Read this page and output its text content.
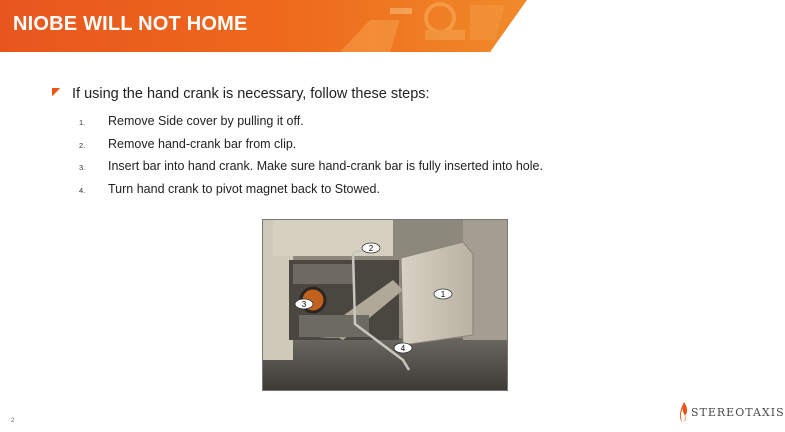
NIOBE WILL NOT HOME
If using the hand crank is necessary, follow these steps:
1.	Remove Side cover by pulling it off.
2.	Remove hand-crank bar from clip.
3.	Insert bar into hand crank. Make sure hand-crank bar is fully inserted into hole.
4.	Turn hand crank to pivot magnet back to Stowed.
1
2
3
4
2
STEREOTAXIS
